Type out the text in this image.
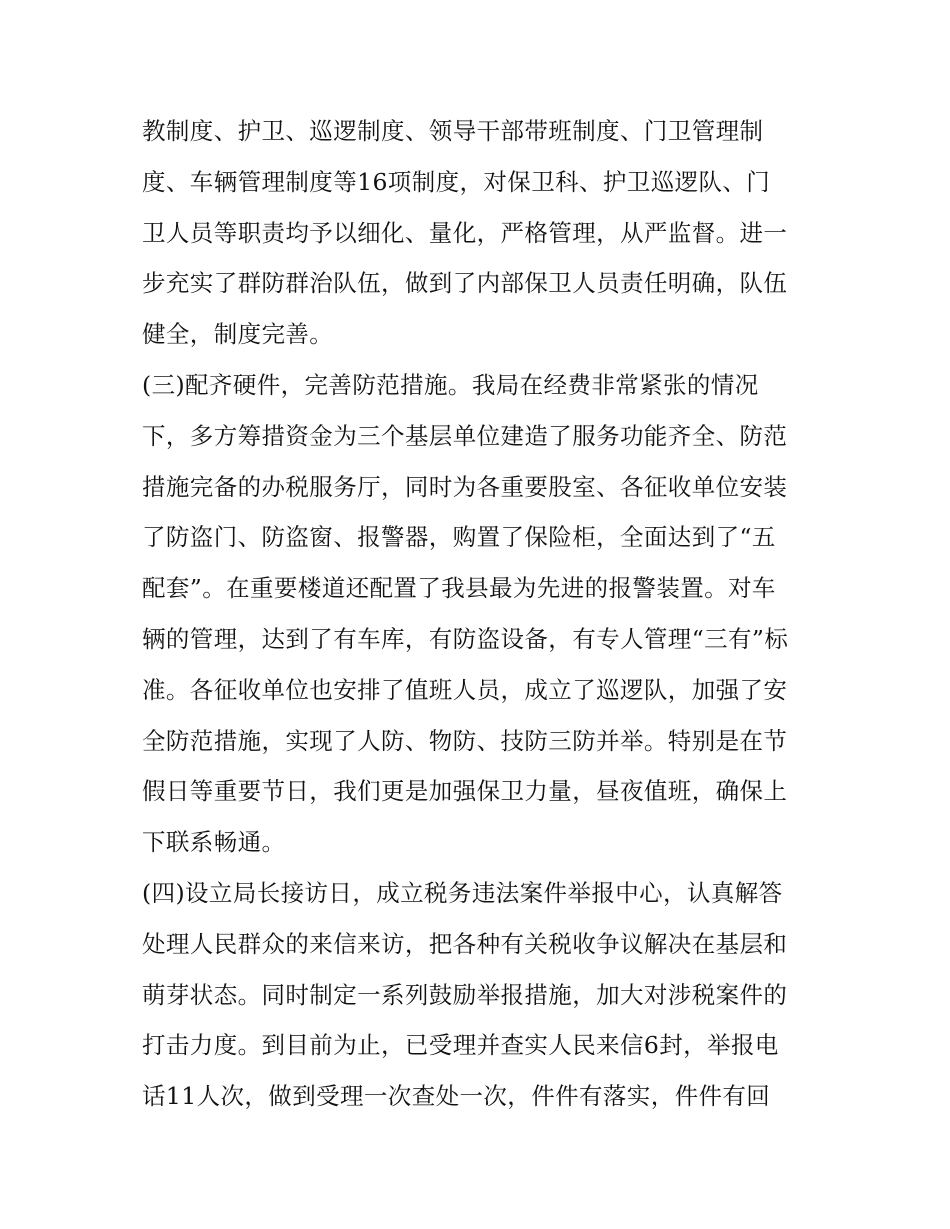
教制度、护卫、巡逻制度、领导干部带班制度、门卫管理制
度、车辆管理制度等16项制度，对保卫科、护卫巡逻队、门
卫人员等职责均予以细化、量化，严格管理，从严监督。进一
步充实了群防群治队伍，做到了内部保卫人员责任明确，队伍
健全，制度完善。
(三)配齐硬件，完善防范措施。我局在经费非常紧张的情况
下，多方筹措资金为三个基层单位建造了服务功能齐全、防范
措施完备的办税服务厅，同时为各重要股室、各征收单位安装
了防盗门、防盗窗、报警器，购置了保险柜，全面达到了“五
配套”。在重要楼道还配置了我县最为先进的报警装置。对车
辆的管理，达到了有车库，有防盗设备，有专人管理“三有”标
准。各征收单位也安排了值班人员，成立了巡逻队，加强了安
全防范措施，实现了人防、物防、技防三防并举。特别是在节
假日等重要节日，我们更是加强保卫力量，昼夜值班，确保上
下联系畅通。
(四)设立局长接访日，成立税务违法案件举报中心，认真解答
处理人民群众的来信来访，把各种有关税收争议解决在基层和
萌芽状态。同时制定一系列鼓励举报措施，加大对涉税案件的
打击力度。到目前为止，已受理并查实人民来信6封，举报电
话11人次，做到受理一次查处一次，件件有落实，件件有回
